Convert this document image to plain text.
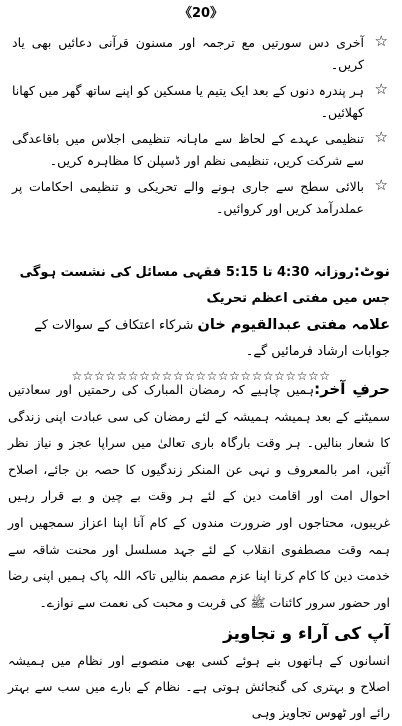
《20》
☆
آخری دس سورتیں مع ترجمہ اور مسنون قرآنی دعائیں بھی یاد کریں۔
☆
ہر پندرہ دنوں کے بعد ایک یتیم یا مسکین کو اپنے ساتھ گھر میں کھانا کھلائیں۔
☆
تنظیمی عہدے کے لحاظ سے ماہانہ تنظیمی اجلاس میں باقاعدگی سے شرکت کریں، تنظیمی نظم اور ڈسپلن کا مظاہرہ کریں۔
☆
بالائی سطح سے جاری ہونے والے تحریکی و تنظیمی احکامات پر عملدرآمد کریں اور کروائیں۔
نوٹ:روزانہ 4:30 تا 5:15 فقہی مسائل کی نشست ہوگی جس میں مفتی اعظم تحریک
علامہ مفتی عبدالقیوم خان شرکاء اعتکاف کے سوالات کے جوابات ارشاد فرمائیں گے۔
☆☆☆☆☆☆☆☆☆☆☆☆☆☆☆☆☆☆☆☆☆☆☆
حرفِ آخر:ہمیں چاہیے کہ رمضان المبارک کی رحمتیں اور سعادتیں سمیٹنے کے بعد ہمیشہ ہمیشہ کے لئے رمضان کی سی عبادت اپنی زندگی کا شعار بنالیں۔ ہر وقت بارگاہ باری تعالیٰ میں سراپا عجز و نیاز نظر آئیں، امر بالمعروف و نہی عن المنکر زندگیوں کا حصہ بن جائے، اصلاح احوال امت اور اقامت دین کے لئے ہر وقت بے چین و بے قرار رہیں غریبوں، محتاجوں اور ضرورت مندوں کے کام آنا اپنا اعزاز سمجھیں اور ہمہ وقت مصطفوی انقلاب کے لئے جہد مسلسل اور محنت شاقہ سے خدمت دین کا کام کرنا اپنا عزم مصمم بنالیں تاکہ اللہ پاک ہمیں اپنی رضا اور حضور سرور کائنات ﷺ کی قربت و محبت کی نعمت سے نوازے۔
آپ کی آراء و تجاویز
انسانوں کے ہاتھوں بنے ہوئے کسی بھی منصوبے اور نظام میں ہمیشہ اصلاح و بہتری کی گنجائش ہوتی ہے۔ نظام کے بارے میں سب سے بہتر رائے اور ٹھوس تجاویز وہی
